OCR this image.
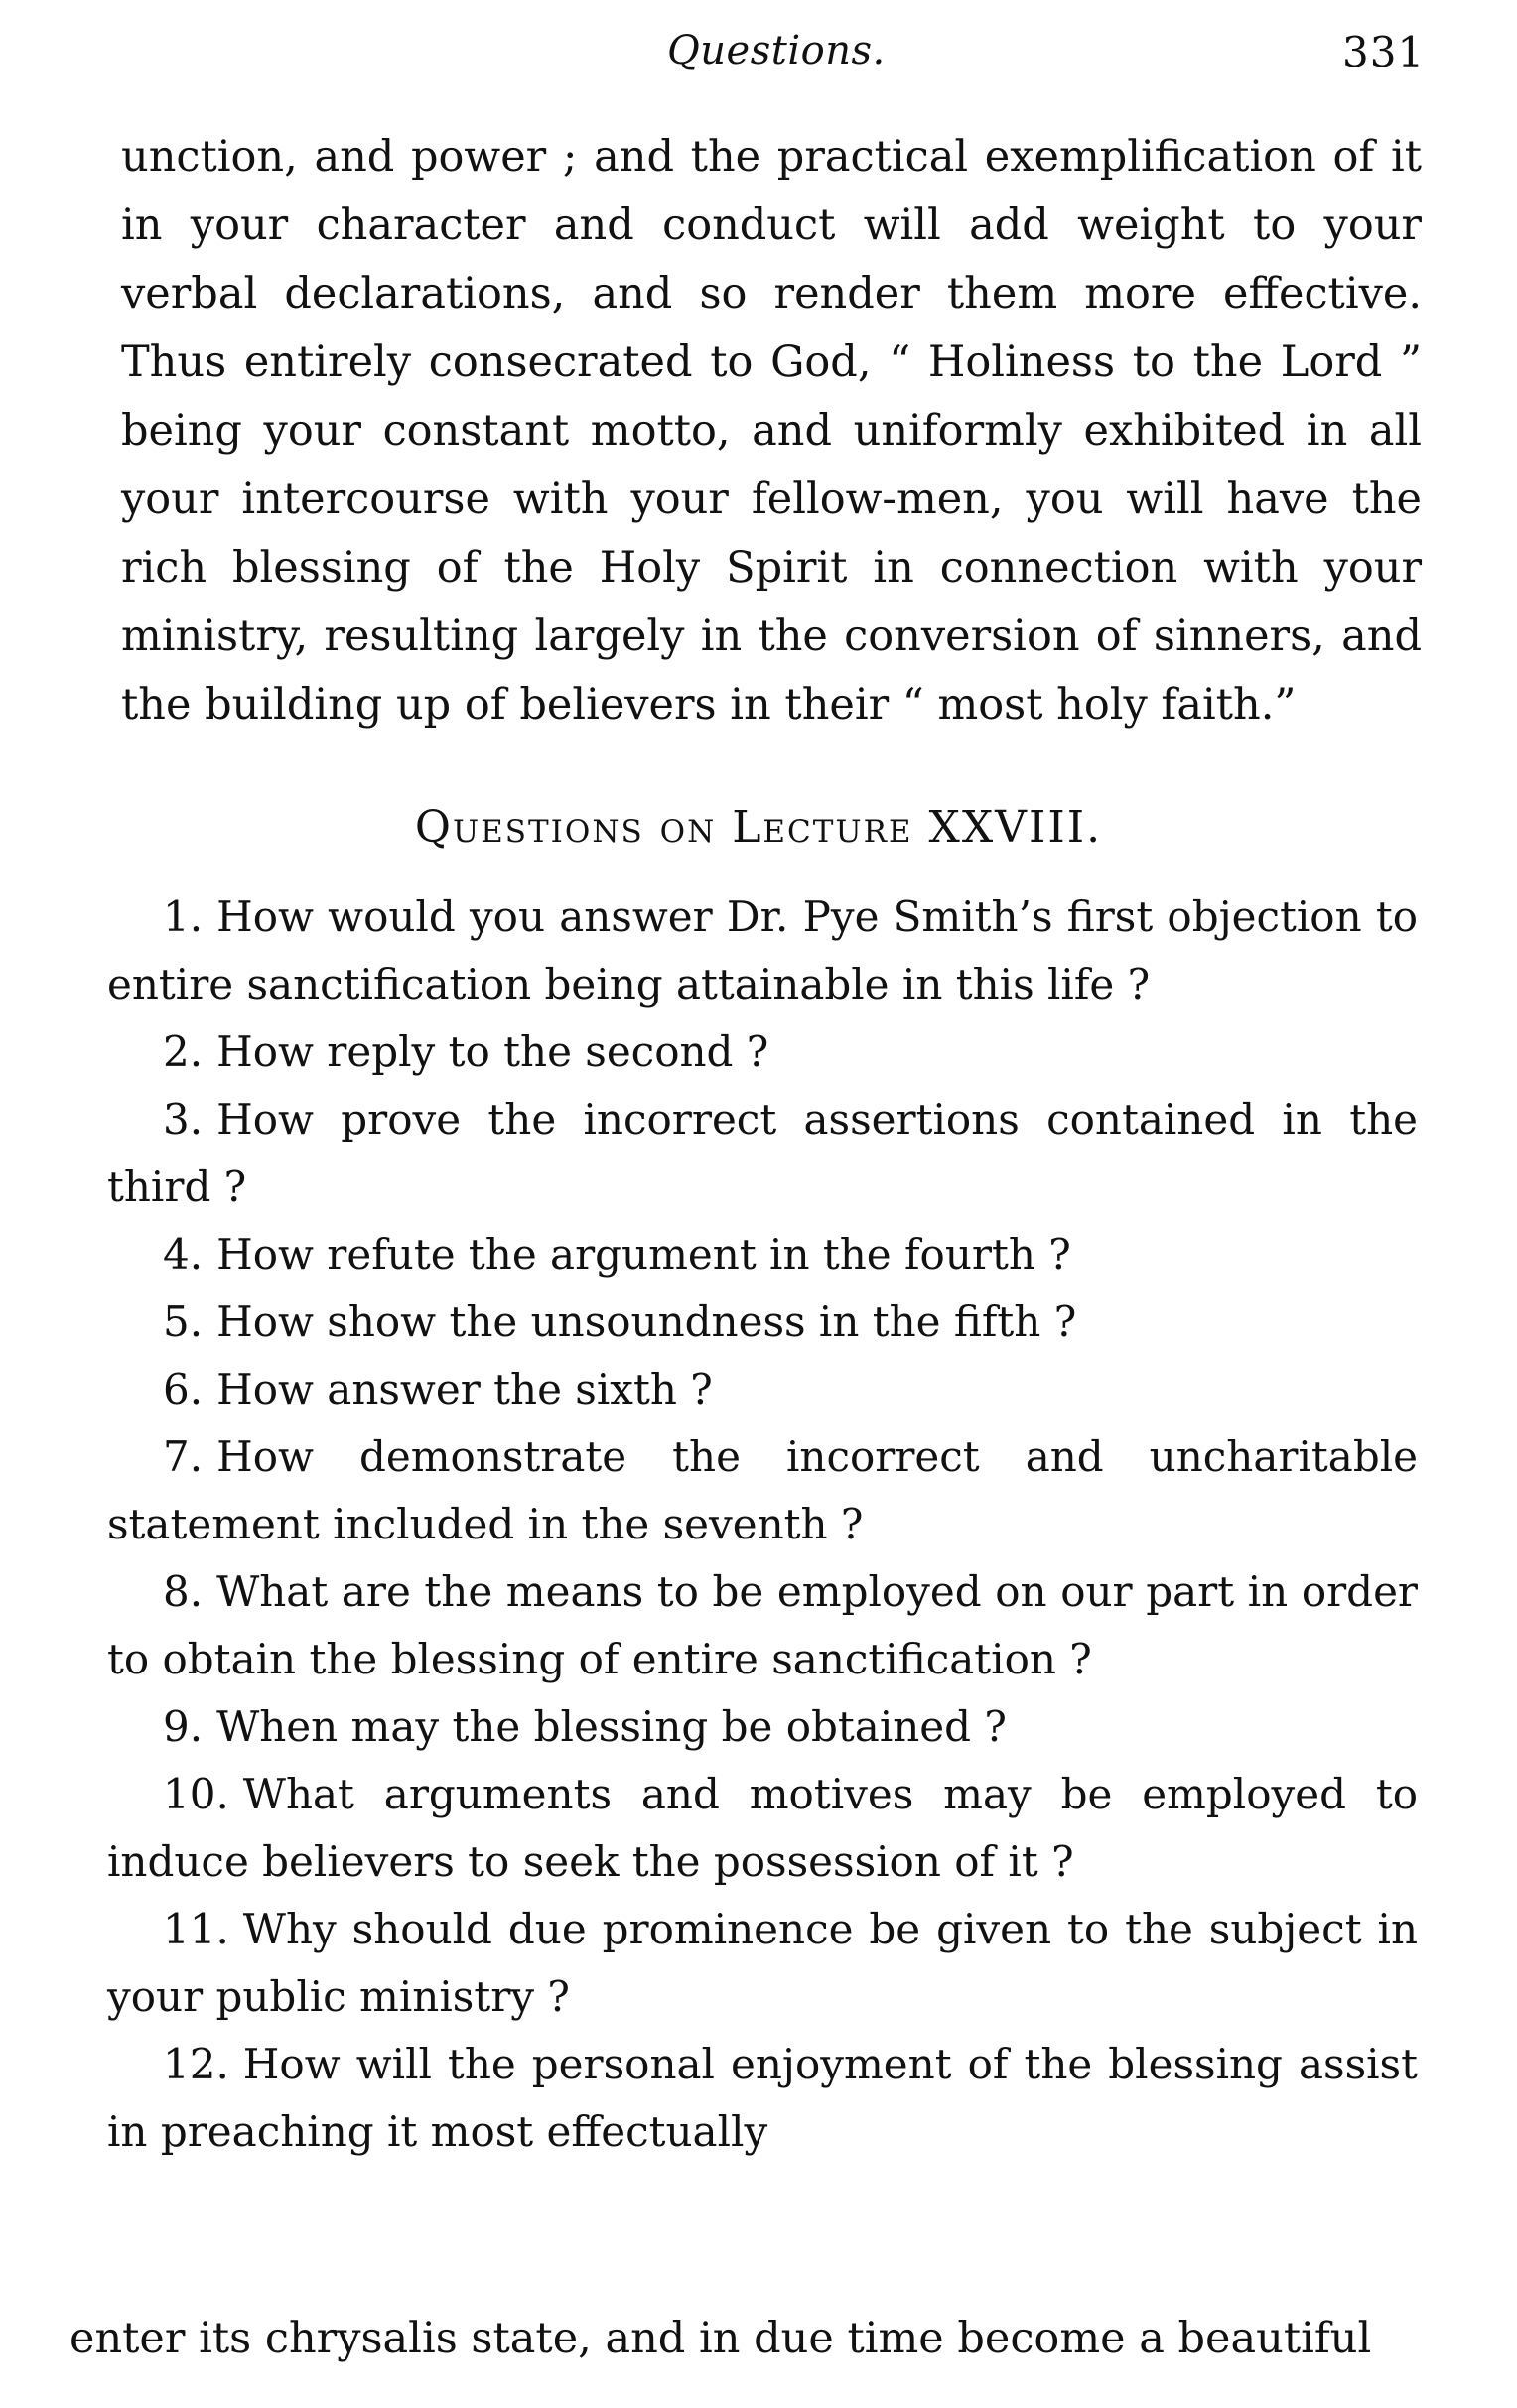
Questions.	331

unction, and power ; and the practical exemplification of it in your character and conduct will add weight to your verbal declarations, and so render them more effective. Thus entirely consecrated to God, “ Holiness to the Lord ” being your constant motto, and uniformly exhibited in all your intercourse with your fellow-men, you will have the rich blessing of the Holy Spirit in connection with your ministry, resulting largely in the conversion of sinners, and the building up of believers in their “ most holy faith.”

Questions on Lecture XXVIII.

1. How would you answer Dr. Pye Smith’s first objection to entire sanctification being attainable in this life ?

2. How reply to the second ?

3. How prove the incorrect assertions contained in the third ?

4. How refute the argument in the fourth ?

5. How show the unsoundness in the fifth ?

6. How answer the sixth ?

7. How demonstrate the incorrect and uncharitable statement included in the seventh ?

8. What are the means to be employed on our part in order to obtain the blessing of entire sanctification ?

9. When may the blessing be obtained ?

10. What arguments and motives may be employed to induce believers to seek the possession of it ?

11. Why should due prominence be given to the subject in your public ministry ?

12. How will the personal enjoyment of the blessing assist in preaching it most effectually

enter its chrysalis state, and in due time become a beautiful
